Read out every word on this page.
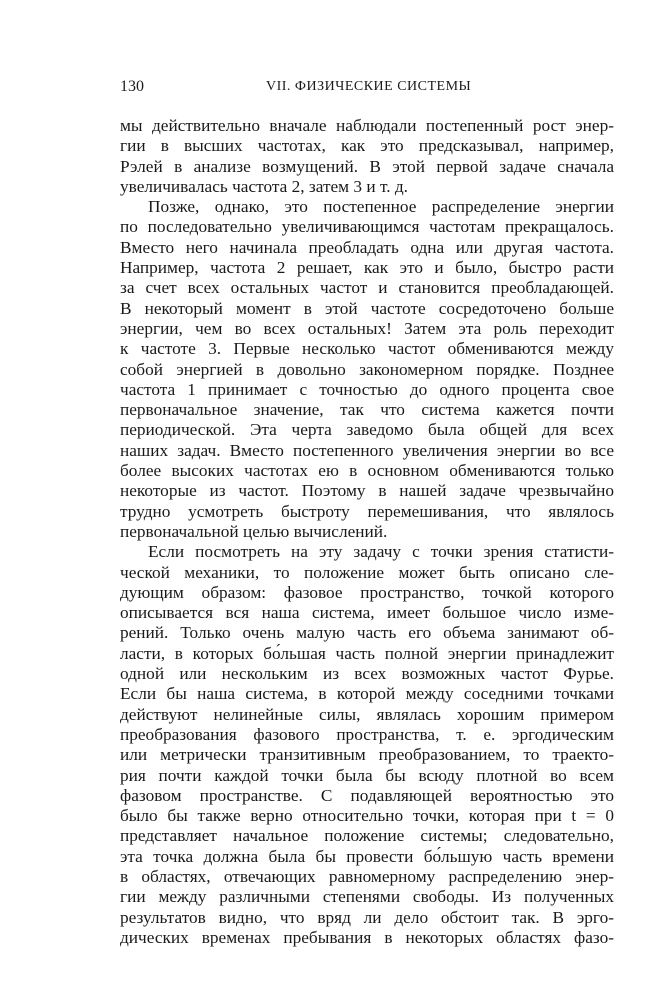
130	VII. ФИЗИЧЕСКИЕ СИСТЕМЫ
мы действительно вначале наблюдали постепенный рост энер-
гии в высших частотах, как это предсказывал, например,
Рэлей в анализе возмущений. В этой первой задаче сначала
увеличивалась частота 2, затем 3 и т. д.
Позже, однако, это постепенное распределение энергии
по последовательно увеличивающимся частотам прекращалось.
Вместо него начинала преобладать одна или другая частота.
Например, частота 2 решает, как это и было, быстро расти
за счет всех остальных частот и становится преобладающей.
В некоторый момент в этой частоте сосредоточено больше
энергии, чем во всех остальных! Затем эта роль переходит
к частоте 3. Первые несколько частот обмениваются между
собой энергией в довольно закономерном порядке. Позднее
частота 1 принимает с точностью до одного процента свое
первоначальное значение, так что система кажется почти
периодической. Эта черта заведомо была общей для всех
наших задач. Вместо постепенного увеличения энергии во все
более высоких частотах ею в основном обмениваются только
некоторые из частот. Поэтому в нашей задаче чрезвычайно
трудно усмотреть быстроту перемешивания, что являлось
первоначальной целью вычислений.
Если посмотреть на эту задачу с точки зрения статисти-
ческой механики, то положение может быть описано сле-
дующим образом: фазовое пространство, точкой которого
описывается вся наша система, имеет большое число изме-
рений. Только очень малую часть его объема занимают об-
ласти, в которых бо́льшая часть полной энергии принадлежит
одной или нескольким из всех возможных частот Фурье.
Если бы наша система, в которой между соседними точками
действуют нелинейные силы, являлась хорошим примером
преобразования фазового пространства, т. е. эргодическим
или метрически транзитивным преобразованием, то траекто-
рия почти каждой точки была бы всюду плотной во всем
фазовом пространстве. С подавляющей вероятностью это
было бы также верно относительно точки, которая при t = 0
представляет начальное положение системы; следовательно,
эта точка должна была бы провести бо́льшую часть времени
в областях, отвечающих равномерному распределению энер-
гии между различными степенями свободы. Из полученных
результатов видно, что вряд ли дело обстоит так. В эрго-
дических временах пребывания в некоторых областях фазо-
